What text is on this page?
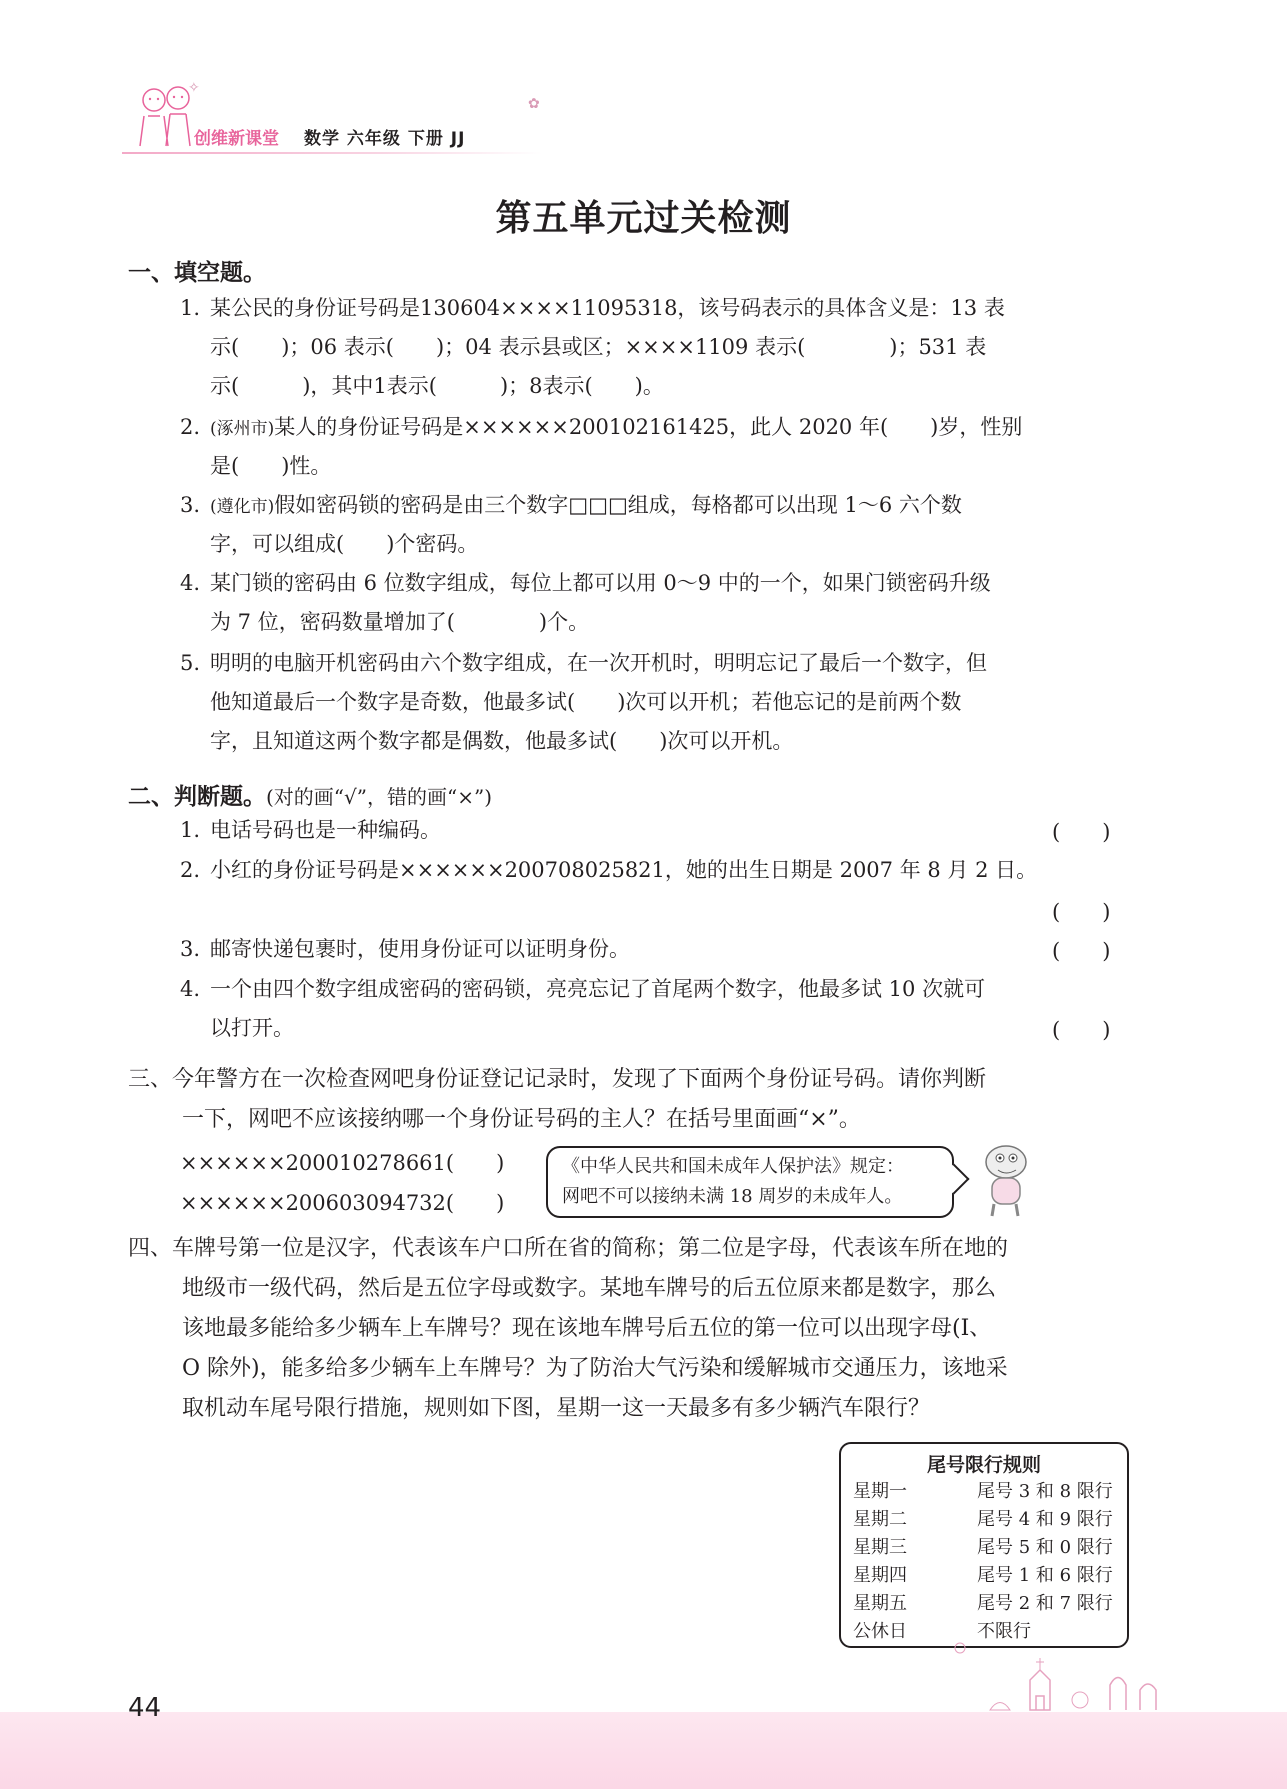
创维新课堂 数学 六年级 下册 JJ
✿
✧
第五单元过关检测
一、填空题。
1. 某公民的身份证号码是130604××××11095318，该号码表示的具体含义是：13 表
示(　　)；06 表示(　　)；04 表示县或区；××××1109 表示(　　　　)；531 表
示(　　　)，其中1表示(　　　)；8表示(　　)。
2. (涿州市)某人的身份证号码是××××××200102161425，此人 2020 年(　　)岁，性别
是(　　)性。
3. (遵化市)假如密码锁的密码是由三个数字□□□组成，每格都可以出现 1～6 六个数
字，可以组成(　　)个密码。
4. 某门锁的密码由 6 位数字组成，每位上都可以用 0～9 中的一个，如果门锁密码升级
为 7 位，密码数量增加了(　　　　)个。
5. 明明的电脑开机密码由六个数字组成，在一次开机时，明明忘记了最后一个数字，但
他知道最后一个数字是奇数，他最多试(　　)次可以开机；若他忘记的是前两个数
字，且知道这两个数字都是偶数，他最多试(　　)次可以开机。
二、判断题。(对的画“√”，错的画“×”)
1. 电话号码也是一种编码。	(　　)
2. 小红的身份证号码是××××××200708025821，她的出生日期是 2007 年 8 月 2 日。
(　　)
3. 邮寄快递包裹时，使用身份证可以证明身份。	(　　)
4. 一个由四个数字组成密码的密码锁，亮亮忘记了首尾两个数字，他最多试 10 次就可
以打开。	(　　)
三、今年警方在一次检查网吧身份证登记记录时，发现了下面两个身份证号码。请你判断
一下，网吧不应该接纳哪一个身份证号码的主人？在括号里面画“×”。
××××××200010278661(　　)
××××××200603094732(　　)
《中华人民共和国未成年人保护法》规定：
网吧不可以接纳未满 18 周岁的未成年人。
四、车牌号第一位是汉字，代表该车户口所在省的简称；第二位是字母，代表该车所在地的
地级市一级代码，然后是五位字母或数字。某地车牌号的后五位原来都是数字，那么
该地最多能给多少辆车上车牌号？现在该地车牌号后五位的第一位可以出现字母(I、
O 除外)，能多给多少辆车上车牌号？为了防治大气污染和缓解城市交通压力，该地采
取机动车尾号限行措施，规则如下图，星期一这一天最多有多少辆汽车限行？
尾号限行规则
星期一	尾号 3 和 8 限行
星期二	尾号 4 和 9 限行
星期三	尾号 5 和 0 限行
星期四	尾号 1 和 6 限行
星期五	尾号 2 和 7 限行
公休日	不限行
44
